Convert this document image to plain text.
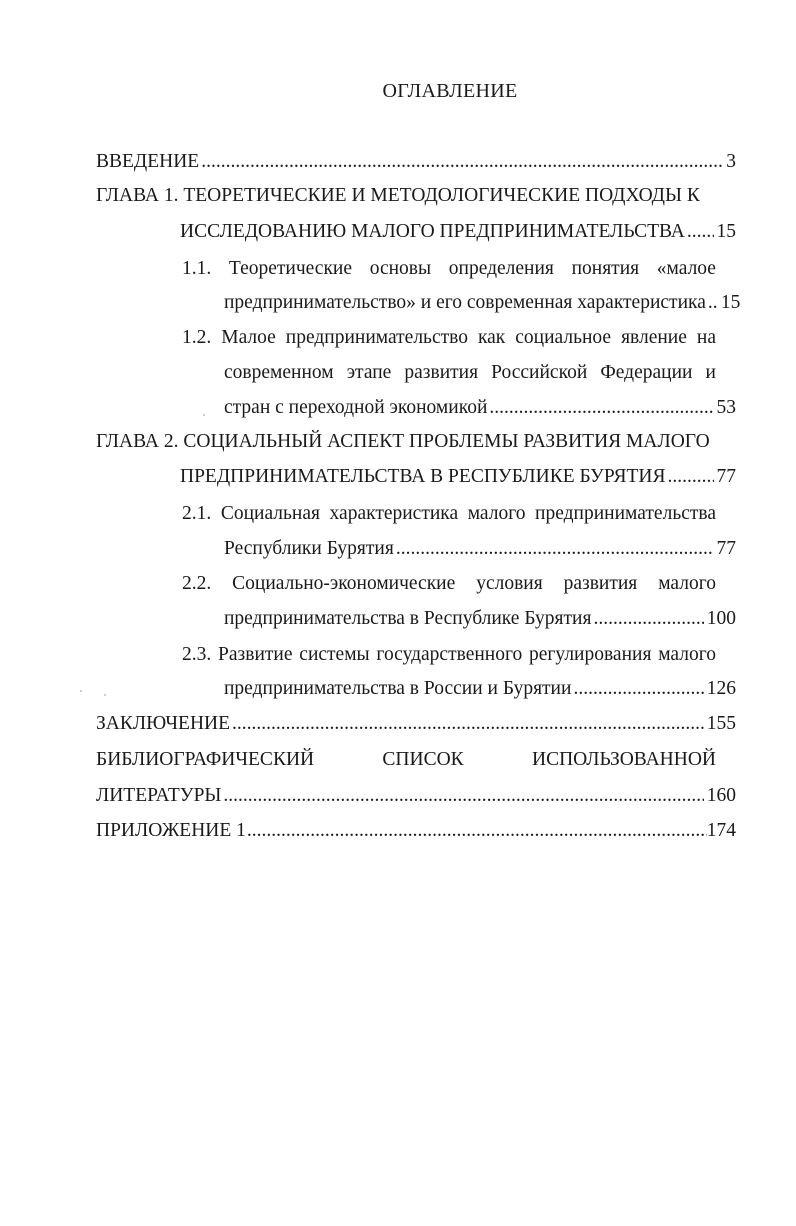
ОГЛАВЛЕНИЕ
ВВЕДЕНИЕ .....	3
ГЛАВА 1. ТЕОРЕТИЧЕСКИЕ И МЕТОДОЛОГИЧЕСКИЕ ПОДХОДЫ К
ИССЛЕДОВАНИЮ МАЛОГО ПРЕДПРИНИМАТЕЛЬСТВА ..... 15
1.1. Теоретические основы определения понятия «малое
предпринимательство» и его современная характеристика ..... 15
1.2. Малое предпринимательство как социальное явление на
современном этапе развития Российской Федерации и
стран с переходной экономикой .....	53
ГЛАВА 2. СОЦИАЛЬНЫЙ АСПЕКТ ПРОБЛЕМЫ РАЗВИТИЯ МАЛОГО
ПРЕДПРИНИМАТЕЛЬСТВА В РЕСПУБЛИКЕ БУРЯТИЯ .....	77
2.1. Социальная характеристика малого предпринимательства
Республики Бурятия .....	77
2.2. Социально-экономические условия развития малого
предпринимательства в Республике Бурятия .....	100
2.3. Развитие системы государственного регулирования малого
предпринимательства в России и Бурятии .....	126
ЗАКЛЮЧЕНИЕ .....	155
БИБЛИОГРАФИЧЕСКИЙ	СПИСОК	ИСПОЛЬЗОВАННОЙ
ЛИТЕРАТУРЫ .....	160
ПРИЛОЖЕНИЕ 1 .....	174
